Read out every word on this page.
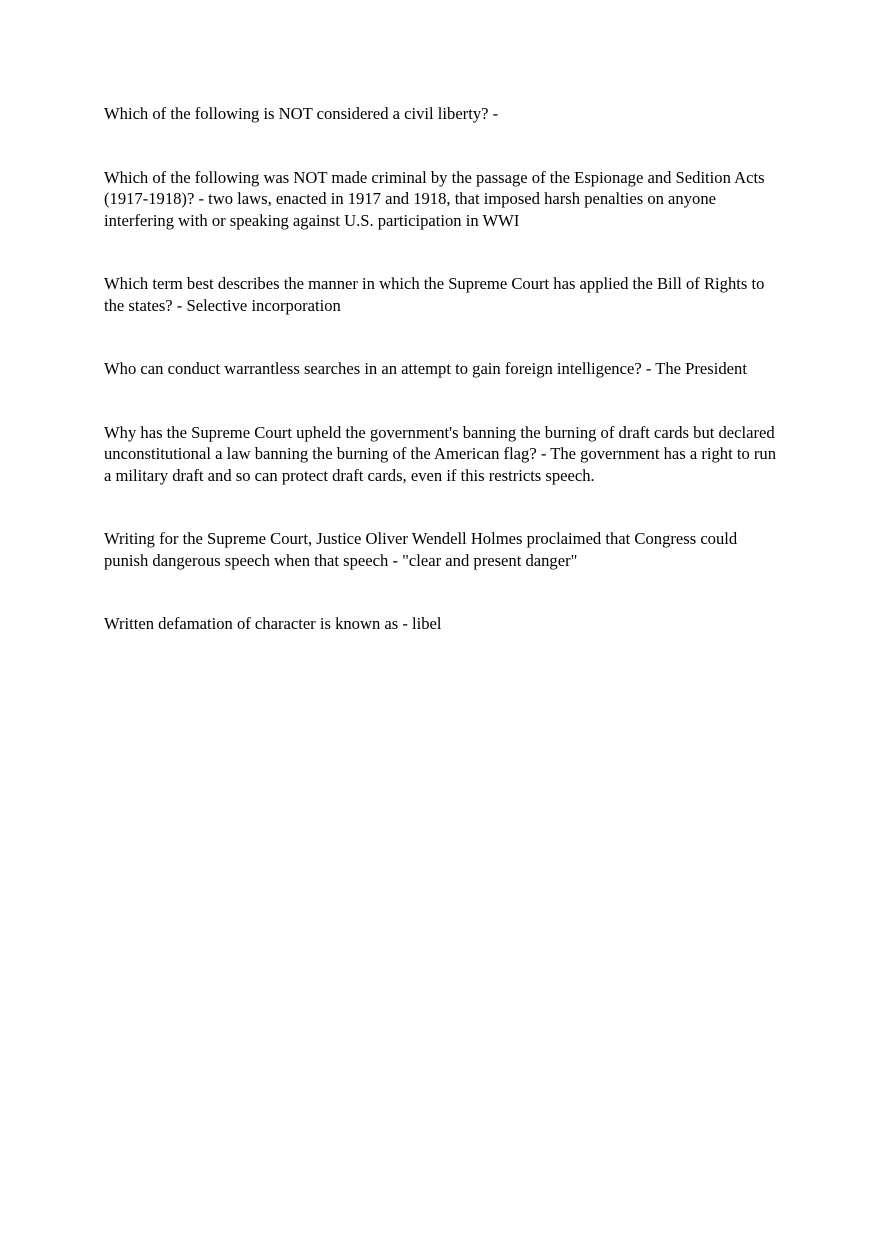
Which of the following is NOT considered a civil liberty? -
Which of the following was NOT made criminal by the passage of the Espionage and Sedition Acts (1917-1918)? - two laws, enacted in 1917 and 1918, that imposed harsh penalties on anyone interfering with or speaking against U.S. participation in WWI
Which term best describes the manner in which the Supreme Court has applied the Bill of Rights to the states? - Selective incorporation
Who can conduct warrantless searches in an attempt to gain foreign intelligence? - The President
Why has the Supreme Court upheld the government's banning the burning of draft cards but declared unconstitutional a law banning the burning of the American flag? - The government has a right to run a military draft and so can protect draft cards, even if this restricts speech.
Writing for the Supreme Court, Justice Oliver Wendell Holmes proclaimed that Congress could punish dangerous speech when that speech - "clear and present danger"
Written defamation of character is known as - libel
